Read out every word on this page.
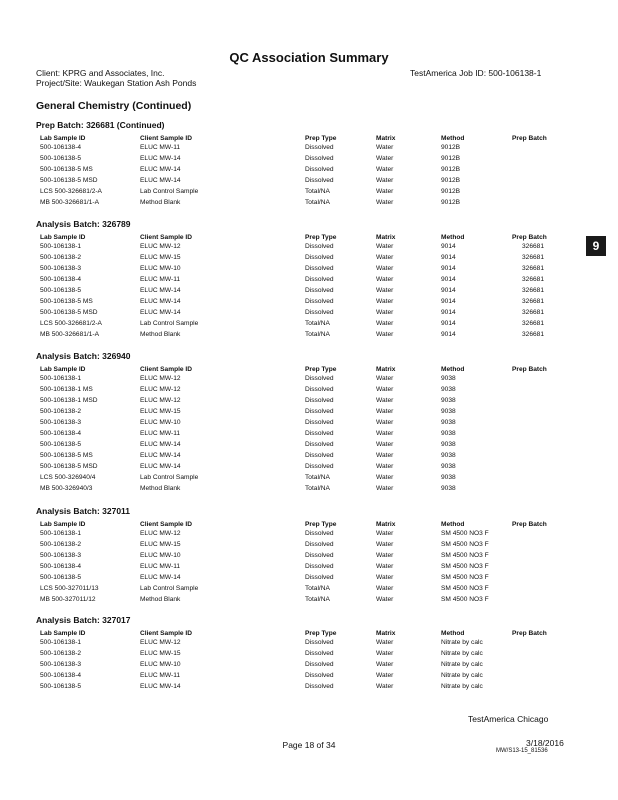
QC Association Summary
Client: KPRG and Associates, Inc.
Project/Site: Waukegan Station Ash Ponds
TestAmerica Job ID: 500-106138-1
General Chemistry (Continued)
Prep Batch: 326681 (Continued)
Lab Sample ID	Client Sample ID	Prep Type	Matrix	Method	Prep Batch
500-106138-4	ELUC MW-11	Dissolved	Water	9012B
500-106138-5	ELUC MW-14	Dissolved	Water	9012B
500-106138-5 MS	ELUC MW-14	Dissolved	Water	9012B
500-106138-5 MSD	ELUC MW-14	Dissolved	Water	9012B
LCS 500-326681/2-A	Lab Control Sample	Total/NA	Water	9012B
MB 500-326681/1-A	Method Blank	Total/NA	Water	9012B
Analysis Batch: 326789
Lab Sample ID	Client Sample ID	Prep Type	Matrix	Method	Prep Batch
500-106138-1	ELUC MW-12	Dissolved	Water	9014	326681
500-106138-2	ELUC MW-15	Dissolved	Water	9014	326681
500-106138-3	ELUC MW-10	Dissolved	Water	9014	326681
500-106138-4	ELUC MW-11	Dissolved	Water	9014	326681
500-106138-5	ELUC MW-14	Dissolved	Water	9014	326681
500-106138-5 MS	ELUC MW-14	Dissolved	Water	9014	326681
500-106138-5 MSD	ELUC MW-14	Dissolved	Water	9014	326681
LCS 500-326681/2-A	Lab Control Sample	Total/NA	Water	9014	326681
MB 500-326681/1-A	Method Blank	Total/NA	Water	9014	326681
Analysis Batch: 326940
Lab Sample ID	Client Sample ID	Prep Type	Matrix	Method	Prep Batch
500-106138-1	ELUC MW-12	Dissolved	Water	9038
500-106138-1 MS	ELUC MW-12	Dissolved	Water	9038
500-106138-1 MSD	ELUC MW-12	Dissolved	Water	9038
500-106138-2	ELUC MW-15	Dissolved	Water	9038
500-106138-3	ELUC MW-10	Dissolved	Water	9038
500-106138-4	ELUC MW-11	Dissolved	Water	9038
500-106138-5	ELUC MW-14	Dissolved	Water	9038
500-106138-5 MS	ELUC MW-14	Dissolved	Water	9038
500-106138-5 MSD	ELUC MW-14	Dissolved	Water	9038
LCS 500-326940/4	Lab Control Sample	Total/NA	Water	9038
MB 500-326940/3	Method Blank	Total/NA	Water	9038
Analysis Batch: 327011
Lab Sample ID	Client Sample ID	Prep Type	Matrix	Method	Prep Batch
500-106138-1	ELUC MW-12	Dissolved	Water	SM 4500 NO3 F
500-106138-2	ELUC MW-15	Dissolved	Water	SM 4500 NO3 F
500-106138-3	ELUC MW-10	Dissolved	Water	SM 4500 NO3 F
500-106138-4	ELUC MW-11	Dissolved	Water	SM 4500 NO3 F
500-106138-5	ELUC MW-14	Dissolved	Water	SM 4500 NO3 F
LCS 500-327011/13	Lab Control Sample	Total/NA	Water	SM 4500 NO3 F
MB 500-327011/12	Method Blank	Total/NA	Water	SM 4500 NO3 F
Analysis Batch: 327017
Lab Sample ID	Client Sample ID	Prep Type	Matrix	Method	Prep Batch
500-106138-1	ELUC MW-12	Dissolved	Water	Nitrate by calc
500-106138-2	ELUC MW-15	Dissolved	Water	Nitrate by calc
500-106138-3	ELUC MW-10	Dissolved	Water	Nitrate by calc
500-106138-4	ELUC MW-11	Dissolved	Water	Nitrate by calc
500-106138-5	ELUC MW-14	Dissolved	Water	Nitrate by calc
9
TestAmerica Chicago
Page 18 of 34	3/18/2016
MW/S13-15_81536
